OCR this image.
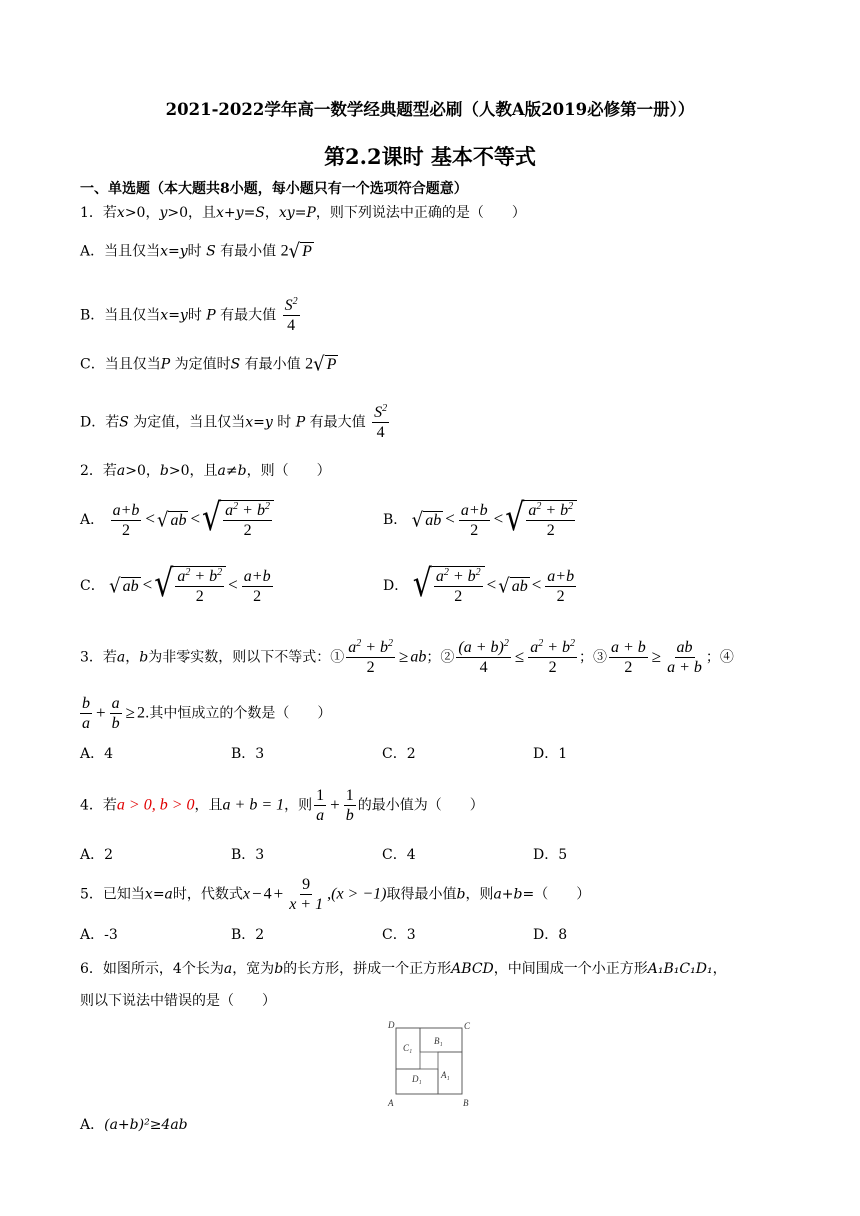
2021-2022学年高一数学经典题型必刷（人教A版2019必修第一册））
第2.2课时 基本不等式
一、单选题（本大题共8小题，每小题只有一个选项符合题意）
1．若x>0，y>0，且x+y=S，xy=P，则下列说法中正确的是（　　）
A．当且仅当x=y时 S 有最小值 2 √ P
B．当且仅当x=y时 P 有最大值 $\frac{S^2}{4}$
C．当且仅当P 为定值时S 有最小值 2 √ P
D．若S 为定值，当且仅当x=y 时 P 有最大值 $\frac{S^2}{4}$
2．若a>0，b>0，且a≠b，则（　　）
A． $\frac{a+b}{2}$ < √ ab < √ $\frac{a^2 + b^2}{2}$	B． √ ab < $\frac{a+b}{2}$ < √ $\frac{a^2 + b^2}{2}$
C． √ ab < √ $\frac{a^2 + b^2}{2} < \frac{a+b}{2}$	D． √ $\frac{a^2 + b^2}{2}$ < √ ab < $\frac{a+b}{2}$
3．若a，b为非零实数，则以下不等式：① $\frac{a^2 + b^2}{2}$ ≥ ab；② $\frac{(a + b)^2}{4} \le \frac{a^2 + b^2}{2}$ ；③ $\frac{a + b}{2} \ge \frac{ab}{a + b}$ ；④
$\frac{b}{a} + \frac{a}{b} \ge 2$.其中恒成立的个数是（　　）
A．4	B．3	C．2	D．1
4．若a > 0, b > 0，且a + b = 1，则 $\frac{1}{a} + \frac{1}{b}$ 的最小值为（　　）
A．2	B．3	C．4	D．5
5．已知当x=a时，代数式$x - 4 + \frac{9}{x + 1} ,(x > -1)$取得最小值b，则a+b=（　　）
A．-3	B．2	C．3	D．8
6．如图所示，4个长为a，宽为b的长方形，拼成一个正方形ABCD，中间围成一个小正方形A₁B₁C₁D₁，
则以下说法中错误的是（　　）
D	C
A	B
C₁
B₁
D₁ A₁
A．(a+b)²≥4ab
